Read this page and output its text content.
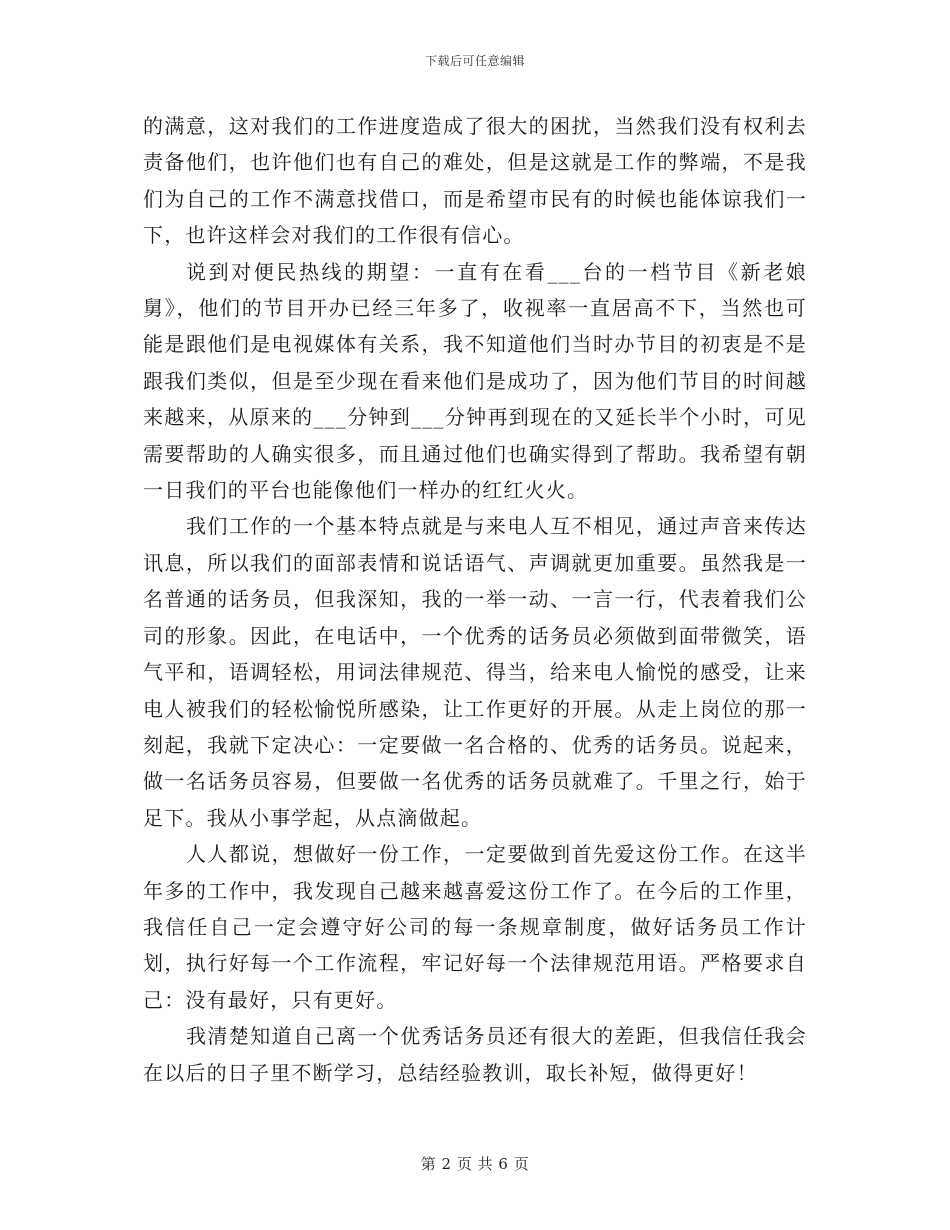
下载后可任意编辑

的满意，这对我们的工作进度造成了很大的困扰，当然我们没有权利去责备他们，也许他们也有自己的难处，但是这就是工作的弊端，不是我们为自己的工作不满意找借口，而是希望市民有的时候也能体谅我们一下，也许这样会对我们的工作很有信心。

说到对便民热线的期望：一直有在看___台的一档节目《新老娘舅》，他们的节目开办已经三年多了，收视率一直居高不下，当然也可能是跟他们是电视媒体有关系，我不知道他们当时办节目的初衷是不是跟我们类似，但是至少现在看来他们是成功了，因为他们节目的时间越来越来，从原来的___分钟到___分钟再到现在的又延长半个小时，可见需要帮助的人确实很多，而且通过他们也确实得到了帮助。我希望有朝一日我们的平台也能像他们一样办的红红火火。

我们工作的一个基本特点就是与来电人互不相见，通过声音来传达讯息，所以我们的面部表情和说话语气、声调就更加重要。虽然我是一名普通的话务员，但我深知，我的一举一动、一言一行，代表着我们公司的形象。因此，在电话中，一个优秀的话务员必须做到面带微笑，语气平和，语调轻松，用词法律规范、得当，给来电人愉悦的感受，让来电人被我们的轻松愉悦所感染，让工作更好的开展。从走上岗位的那一刻起，我就下定决心：一定要做一名合格的、优秀的话务员。说起来，做一名话务员容易，但要做一名优秀的话务员就难了。千里之行，始于足下。我从小事学起，从点滴做起。

人人都说，想做好一份工作，一定要做到首先爱这份工作。在这半年多的工作中，我发现自己越来越喜爱这份工作了。在今后的工作里，我信任自己一定会遵守好公司的每一条规章制度，做好话务员工作计划，执行好每一个工作流程，牢记好每一个法律规范用语。严格要求自己：没有最好，只有更好。

我清楚知道自己离一个优秀话务员还有很大的差距，但我信任我会在以后的日子里不断学习，总结经验教训，取长补短，做得更好！

第 2 页 共 6 页
